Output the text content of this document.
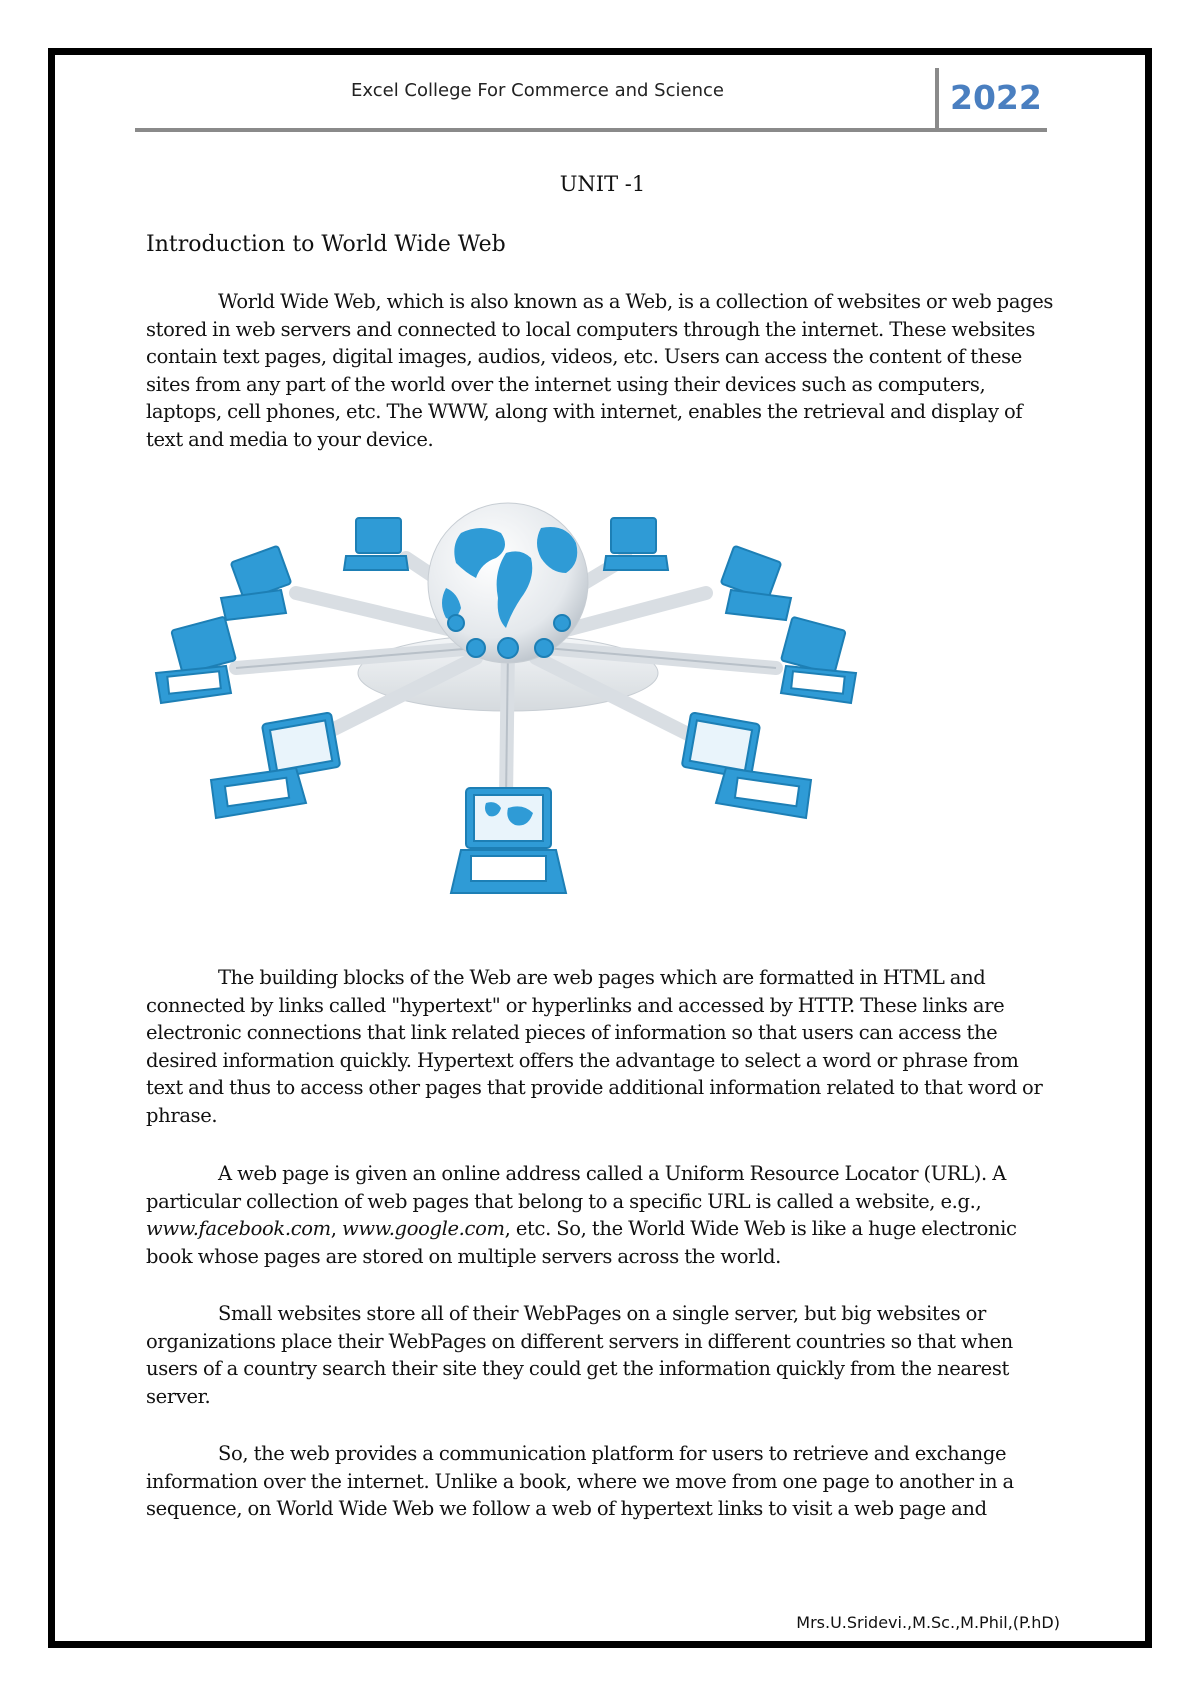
Excel College For Commerce and Science	2022
UNIT -1
Introduction to World Wide Web

World Wide Web, which is also known as a Web, is a collection of websites or web pages stored in web servers and connected to local computers through the internet. These websites contain text pages, digital images, audios, videos, etc. Users can access the content of these sites from any part of the world over the internet using their devices such as computers, laptops, cell phones, etc. The WWW, along with internet, enables the retrieval and display of text and media to your device.

The building blocks of the Web are web pages which are formatted in HTML and connected by links called "hypertext" or hyperlinks and accessed by HTTP. These links are electronic connections that link related pieces of information so that users can access the desired information quickly. Hypertext offers the advantage to select a word or phrase from text and thus to access other pages that provide additional information related to that word or phrase.

A web page is given an online address called a Uniform Resource Locator (URL). A particular collection of web pages that belong to a specific URL is called a website, e.g., www.facebook.com, www.google.com, etc. So, the World Wide Web is like a huge electronic book whose pages are stored on multiple servers across the world.

Small websites store all of their WebPages on a single server, but big websites or organizations place their WebPages on different servers in different countries so that when users of a country search their site they could get the information quickly from the nearest server.

So, the web provides a communication platform for users to retrieve and exchange information over the internet. Unlike a book, where we move from one page to another in a sequence, on World Wide Web we follow a web of hypertext links to visit a web page and

Mrs.U.Sridevi.,M.Sc.,M.Phil,(P.hD)
